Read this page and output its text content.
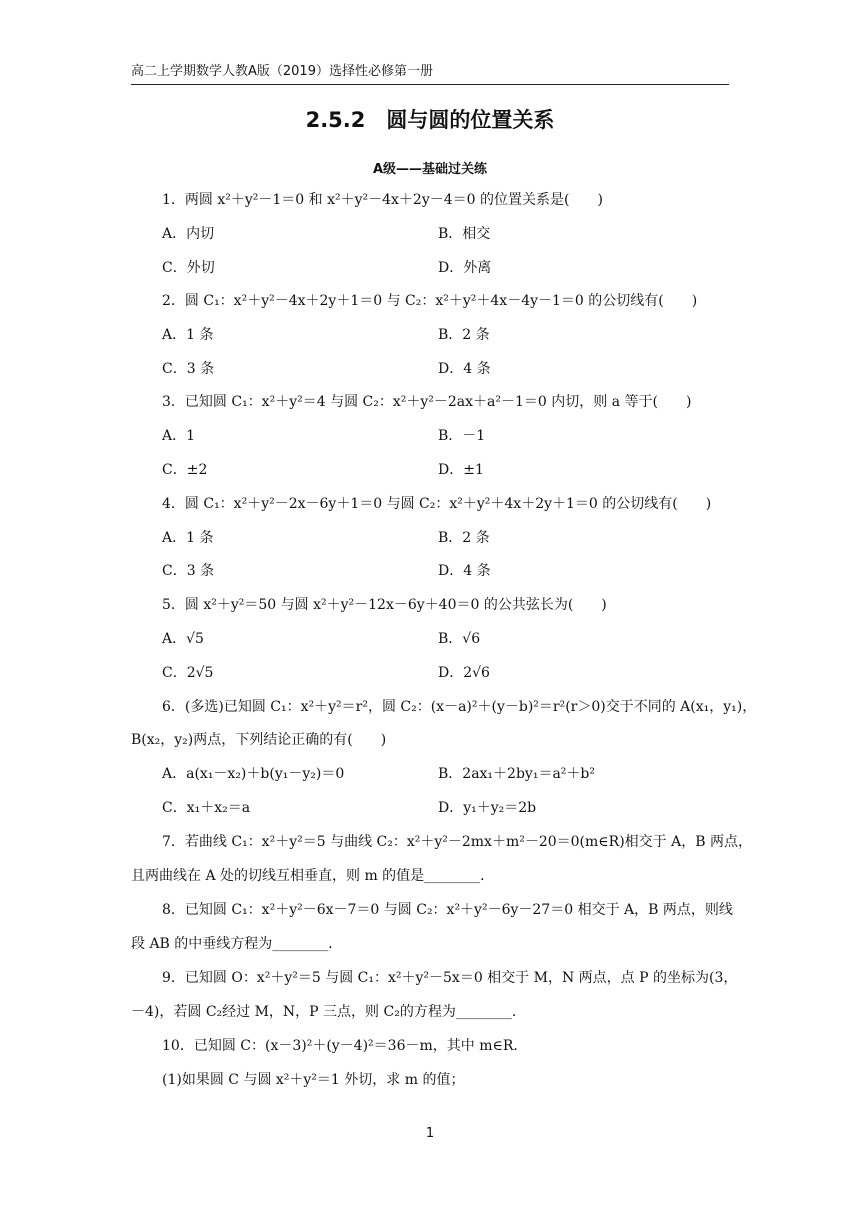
高二上学期数学人教A版（2019）选择性必修第一册
2.5.2　圆与圆的位置关系
A级——基础过关练
1．两圆 x²＋y²－1＝0 和 x²＋y²－4x＋2y－4＝0 的位置关系是(　　)
A．内切	B．相交
C．外切	D．外离
2．圆 C₁：x²＋y²－4x＋2y＋1＝0 与 C₂：x²＋y²＋4x－4y－1＝0 的公切线有(　　)
A．1 条	B．2 条
C．3 条	D．4 条
3．已知圆 C₁：x²＋y²＝4 与圆 C₂：x²＋y²－2ax＋a²－1＝0 内切，则 a 等于(　　)
A．1	B．－1
C．±2	D．±1
4．圆 C₁：x²＋y²－2x－6y＋1＝0 与圆 C₂：x²＋y²＋4x＋2y＋1＝0 的公切线有(　　)
A．1 条	B．2 条
C．3 条	D．4 条
5．圆 x²＋y²＝50 与圆 x²＋y²－12x－6y＋40＝0 的公共弦长为(　　)
A．√5	B．√6
C．2√5	D．2√6
6．(多选)已知圆 C₁：x²＋y²＝r²，圆 C₂：(x－a)²＋(y－b)²＝r²(r＞0)交于不同的 A(x₁，y₁)，
B(x₂，y₂)两点，下列结论正确的有(　　)
A．a(x₁－x₂)＋b(y₁－y₂)＝0	B．2ax₁＋2by₁＝a²＋b²
C．x₁＋x₂＝a	D．y₁＋y₂＝2b
7．若曲线 C₁：x²＋y²＝5 与曲线 C₂：x²＋y²－2mx＋m²－20＝0(m∈R)相交于 A，B 两点，
且两曲线在 A 处的切线互相垂直，则 m 的值是________．
8．已知圆 C₁：x²＋y²－6x－7＝0 与圆 C₂：x²＋y²－6y－27＝0 相交于 A，B 两点，则线
段 AB 的中垂线方程为________．
9．已知圆 O：x²＋y²＝5 与圆 C₁：x²＋y²－5x＝0 相交于 M，N 两点，点 P 的坐标为(3，
－4)，若圆 C₂经过 M，N，P 三点，则 C₂的方程为________．
10．已知圆 C：(x－3)²＋(y－4)²＝36－m，其中 m∈R．
(1)如果圆 C 与圆 x²＋y²＝1 外切，求 m 的值；
1
